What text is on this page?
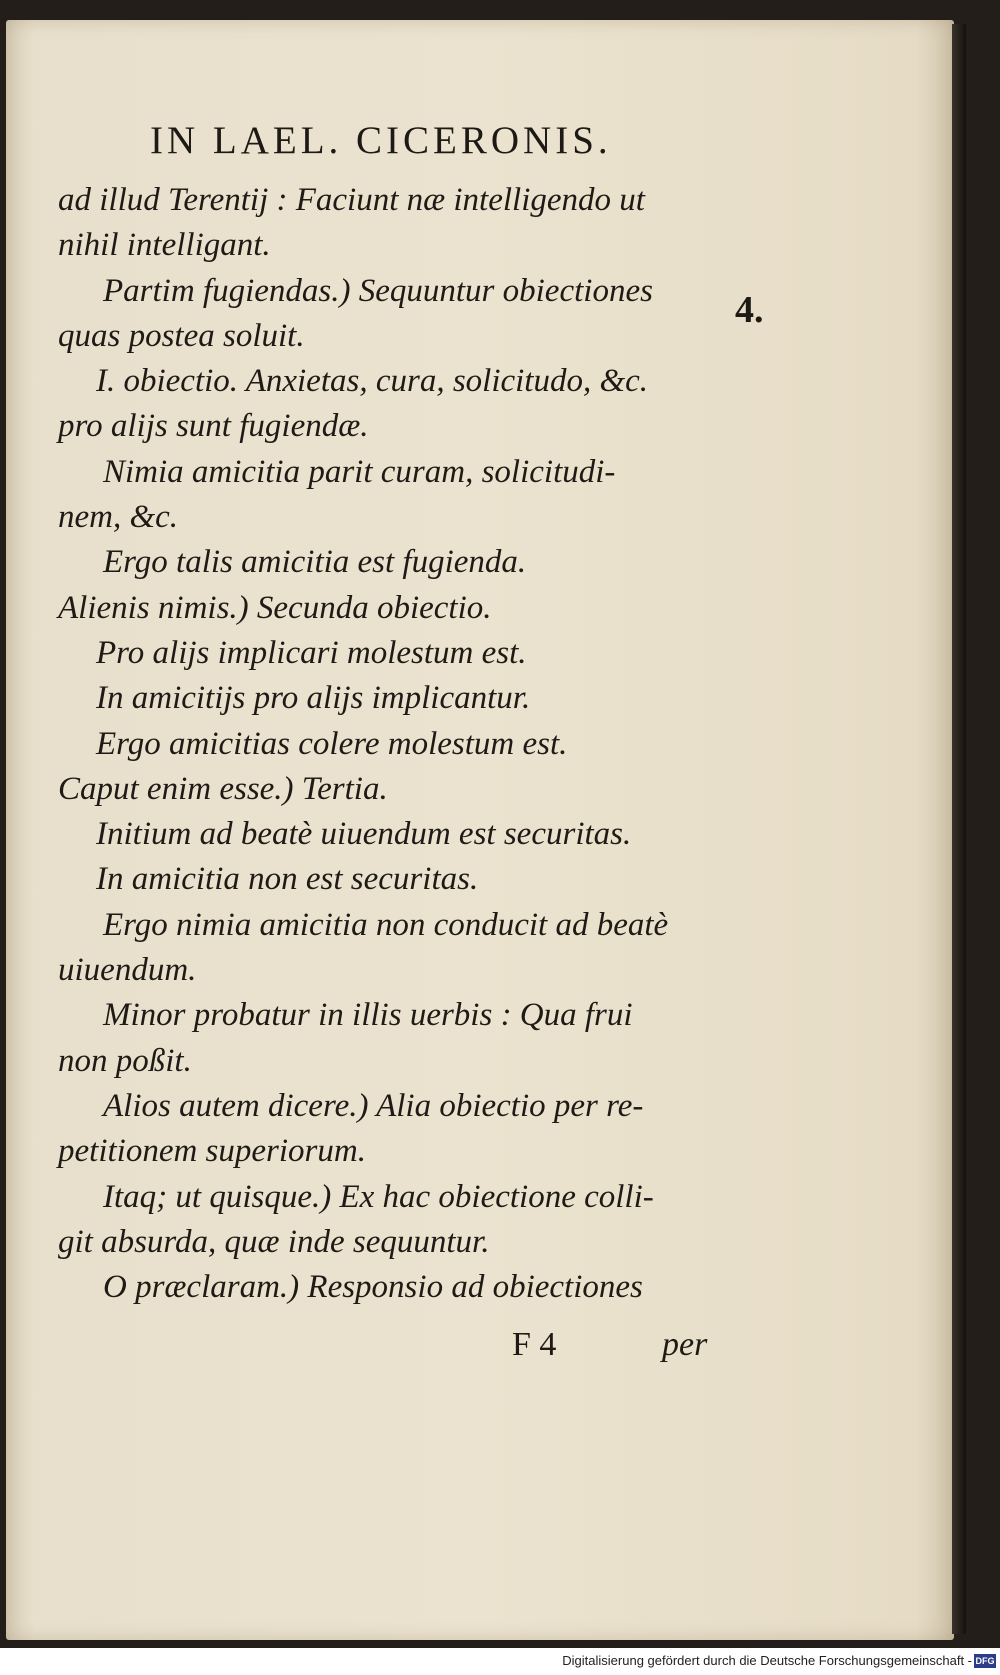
IN LAEL. CICERONIS.
4.
ad illud Terentij : Faciunt næ intelligendo ut
nihil intelligant.
Partim fugiendas.) Sequuntur obiectiones
quas postea soluit.
I. obiectio. Anxietas, cura, solicitudo, &c.
pro alijs sunt fugiendæ.
Nimia amicitia parit curam, solicitudi-
nem, &c.
Ergo talis amicitia est fugienda.
Alienis nimis.) Secunda obiectio.
Pro alijs implicari molestum est.
In amicitijs pro alijs implicantur.
Ergo amicitias colere molestum est.
Caput enim esse.) Tertia.
Initium ad beatè uiuendum est securitas.
In amicitia non est securitas.
Ergo nimia amicitia non conducit ad beatè
uiuendum.
Minor probatur in illis uerbis : Qua frui
non poßit.
Alios autem dicere.) Alia obiectio per re-
petitionem superiorum.
Itaq; ut quisque.) Ex hac obiectione colli-
git absurda, quæ inde sequuntur.
O præclaram.) Responsio ad obiectiones
F 4	per
Digitalisierung gefördert durch die Deutsche Forschungsgemeinschaft - DFG
